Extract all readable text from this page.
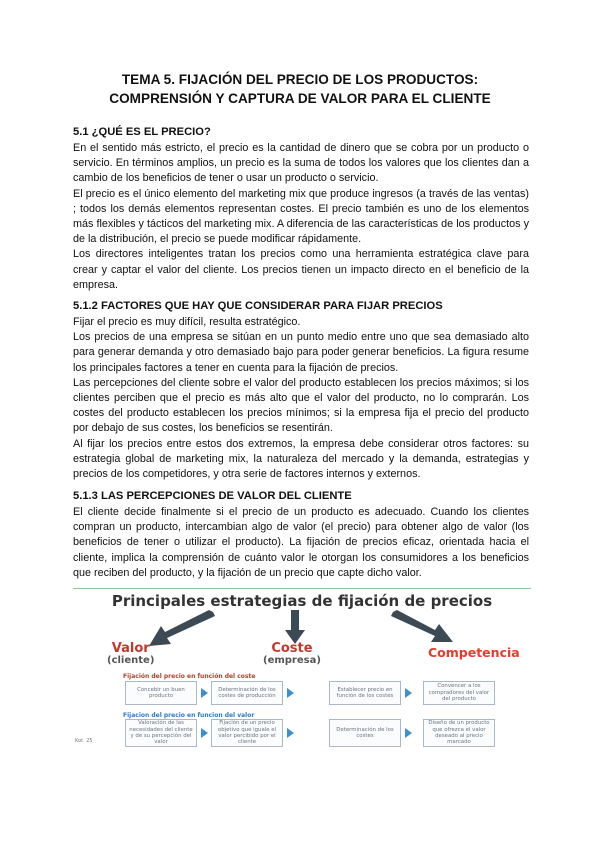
TEMA 5. FIJACIÓN DEL PRECIO DE LOS PRODUCTOS: COMPRENSIÓN Y CAPTURA DE VALOR PARA EL CLIENTE
5.1 ¿QUÉ ES EL PRECIO?

En el sentido más estricto, el precio es la cantidad de dinero que se cobra por un producto o servicio. En términos amplios, un precio es la suma de todos los valores que los clientes dan a cambio de los beneficios de tener o usar un producto o servicio.

El precio es el único elemento del marketing mix que produce ingresos (a través de las ventas) ; todos los demás elementos representan costes. El precio también es uno de los elementos más flexibles y tácticos del marketing mix. A diferencia de las características de los productos y de la distribución, el precio se puede modificar rápidamente.

Los directores inteligentes tratan los precios como una herramienta estratégica clave para crear y captar el valor del cliente. Los precios tienen un impacto directo en el beneficio de la empresa.

5.1.2 FACTORES QUE HAY QUE CONSIDERAR PARA FIJAR PRECIOS

Fijar el precio es muy difícil, resulta estratégico.

Los precios de una empresa se sitúan en un punto medio entre uno que sea demasiado alto para generar demanda y otro demasiado bajo para poder generar beneficios. La figura resume los principales factores a tener en cuenta para la fijación de precios.

Las percepciones del cliente sobre el valor del producto establecen los precios máximos; si los clientes perciben que el precio es más alto que el valor del producto, no lo comprarán. Los costes del producto establecen los precios mínimos; si la empresa fija el precio del producto por debajo de sus costes, los beneficios se resentirán.

Al fijar los precios entre estos dos extremos, la empresa debe considerar otros factores: su estrategia global de marketing mix, la naturaleza del mercado y la demanda, estrategias y precios de los competidores, y otra serie de factores internos y externos.

5.1.3 LAS PERCEPCIONES DE VALOR DEL CLIENTE

El cliente decide finalmente si el precio de un producto es adecuado. Cuando los clientes compran un producto, intercambian algo de valor (el precio) para obtener algo de valor (los beneficios de tener o utilizar el producto). La fijación de precios eficaz, orientada hacia el cliente, implica la comprensión de cuánto valor le otorgan los consumidores a los beneficios que reciben del producto, y la fijación de un precio que capte dicho valor.

Principales estrategias de fijación de precios
Valor
(cliente)
Coste
(empresa)
Competencia
Fijación del precio en función del coste
Concebir un buen producto
Determinación de los costes de producción
Establecer precio en función de los costes
Convencer a los compradores del valor del producto
Fijacion del precio en funcion del valor
Valoración de las necesidades del cliente y de su percepción del valor
Fijación de un precio objetivo que iguale el valor percibido por el cliente
Determinación de los costes
Diseño de un producto que ofrezca el valor deseado al precio marcado
Kot. 25
